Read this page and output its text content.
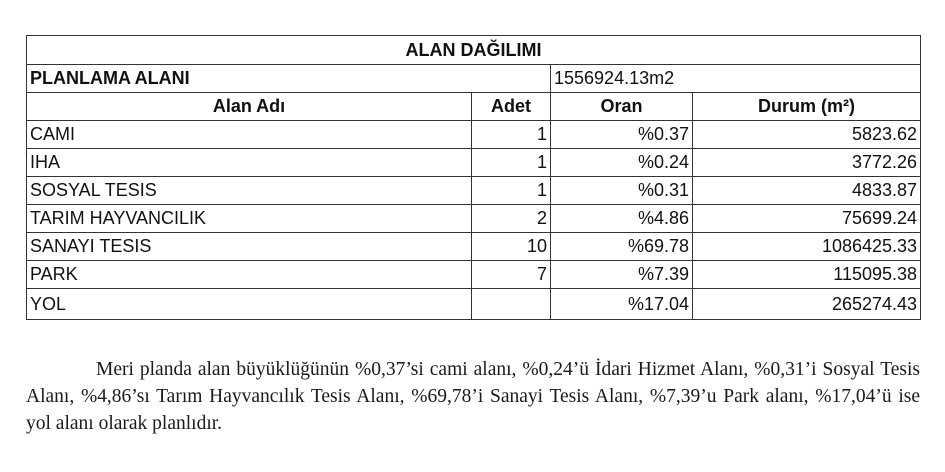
ALAN DAĞILIMI			
PLANLAMA ALANI		1556924.13m2	
Alan Adı	Adet	Oran	Durum (m²)
CAMI	1	%0.37	5823.62
IHA	1	%0.24	3772.26
SOSYAL TESIS	1	%0.31	4833.87
TARIM HAYVANCILIK	2	%4.86	75699.24
SANAYI TESIS	10	%69.78	1086425.33
PARK	7	%7.39	115095.38
YOL		%17.04	265274.43

Meri planda alan büyüklüğünün %0,37’si cami alanı, %0,24’ü İdari Hizmet Alanı, %0,31’i Sosyal Tesis Alanı, %4,86’sı Tarım Hayvancılık Tesis Alanı, %69,78’i Sanayi Tesis Alanı, %7,39’u Park alanı, %17,04’ü ise yol alanı olarak planlıdır.
